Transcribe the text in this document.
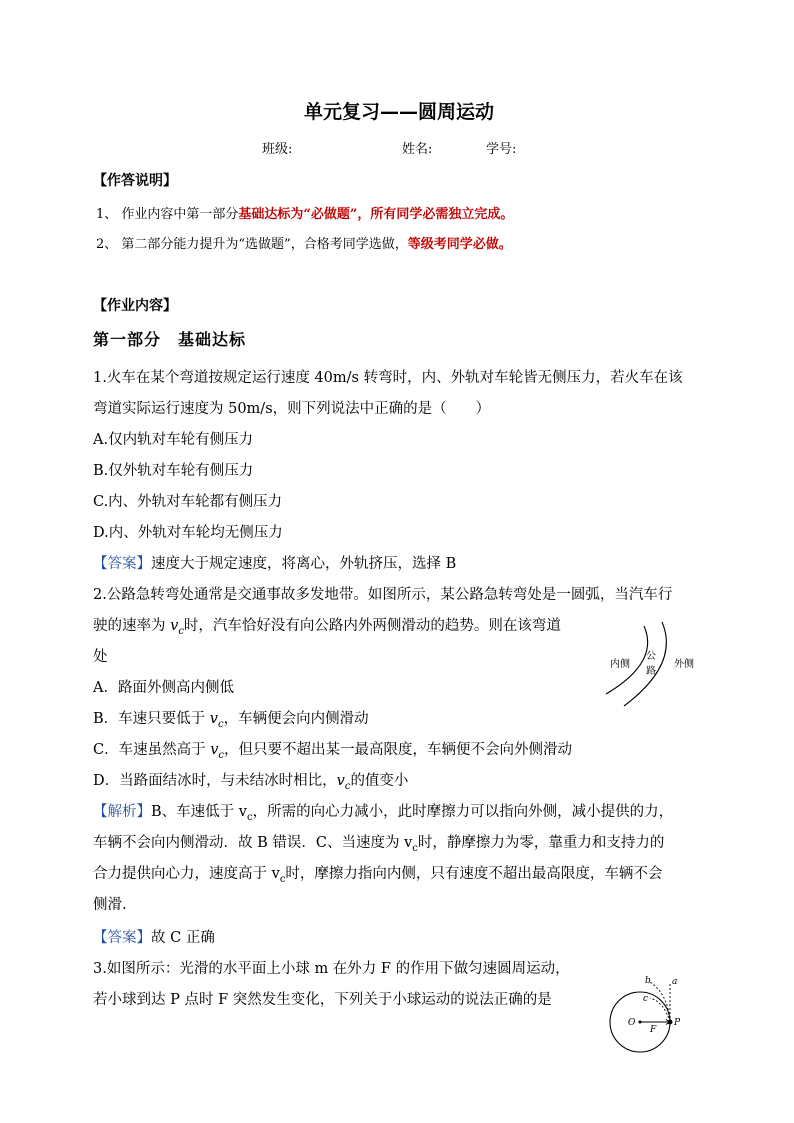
单元复习——圆周运动
班级:	姓名:	学号:
【作答说明】
1、 作业内容中第一部分基础达标为“必做题”，所有同学必需独立完成。
2、 第二部分能力提升为“选做题”，合格考同学选做，等级考同学必做。
【作业内容】
第一部分　基础达标
1.火车在某个弯道按规定运行速度 40m/s 转弯时，内、外轨对车轮皆无侧压力，若火车在该
弯道实际运行速度为 50m/s，则下列说法中正确的是（　　）
A.仅内轨对车轮有侧压力
B.仅外轨对车轮有侧压力
C.内、外轨对车轮都有侧压力
D.内、外轨对车轮均无侧压力
【答案】速度大于规定速度，将离心，外轨挤压，选择 B
2.公路急转弯处通常是交通事故多发地带。如图所示，某公路急转弯处是一圆弧，当汽车行
驶的速率为 $v_c$时，汽车恰好没有向公路内外两侧滑动的趋势。则在该弯道
处	内侧
公
路
外侧
A．路面外侧高内侧低
B．车速只要低于 $v_c$，车辆便会向内侧滑动
C．车速虽然高于 $v_c$，但只要不超出某一最高限度，车辆便不会向外侧滑动
D．当路面结冰时，与未结冰时相比，$v_c$的值变小
【解析】B、车速低于 $v_c$，所需的向心力减小，此时摩擦力可以指向外侧，减小提供的力，
车辆不会向内侧滑动．故 B 错误．C、当速度为 $v_c$时，静摩擦力为零，靠重力和支持力的
合力提供向心力，速度高于 $v_c$时，摩擦力指向内侧，只有速度不超出最高限度，车辆不会
侧滑.
【答案】故 C 正确
3.如图所示：光滑的水平面上小球 m 在外力 F 的作用下做匀速圆周运动，
若小球到达 P 点时 F 突然发生变化，下列关于小球运动的说法正确的是
a
b
c
O
F
P
